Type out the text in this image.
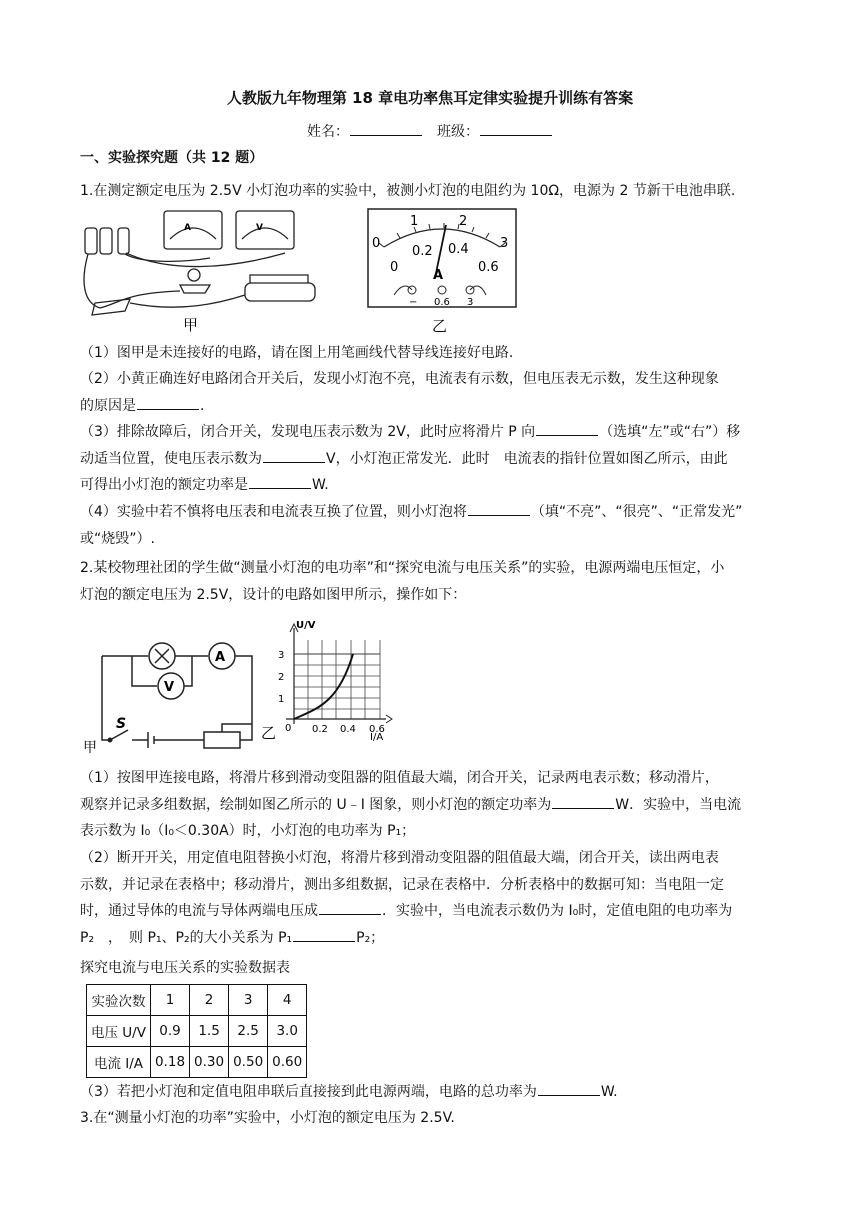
人教版九年物理第 18 章电功率焦耳定律实验提升训练有答案
姓名：　	班级：
一、实验探究题（共 12 题）
1.在测定额定电压为 2.5V 小灯泡功率的实验中，被测小灯泡的电阻约为 10Ω，电源为 2 节新干电池串联.
A	V
甲
0
1	2
3
0
0.2 0.4
0.6
A
− 0.6 3
乙
（1）图甲是未连接好的电路，请在图上用笔画线代替导线连接好电路.
（2）小黄正确连好电路闭合开关后，发现小灯泡不亮，电流表有示数，但电压表无示数，发生这种现象
的原因是	.
（3）排除故障后，闭合开关，发现电压表示数为 2V，此时应将滑片 P 向	（选填“左”或“右”）移
动适当位置，使电压表示数为	V，小灯泡正常发光．此时　电流表的指针位置如图乙所示，由此
可得出小灯泡的额定功率是	W.
（4）实验中若不慎将电压表和电流表互换了位置，则小灯泡将	（填“不亮”、“很亮”、“正常发光”
或“烧毁”）.
2.某校物理社团的学生做“测量小灯泡的电功率”和“探究电流与电压关系”的实验，电源两端电压恒定，小
灯泡的额定电压为 2.5V，设计的电路如图甲所示，操作如下：
A
V
S
甲
U/V
I/A
3
2
1
0 0.2 0.4 0.6
乙
（1）按图甲连接电路，将滑片移到滑动变阻器的阻值最大端，闭合开关，记录两电表示数；移动滑片，
观察并记录多组数据，绘制如图乙所示的 U﹣I 图象，则小灯泡的额定功率为	W．实验中，当电流
表示数为 I₀（I₀＜0.30A）时，小灯泡的电功率为 P₁；
（2）断开开关，用定值电阻替换小灯泡，将滑片移到滑动变阻器的阻值最大端，闭合开关，读出两电表
示数，并记录在表格中；移动滑片，测出多组数据，记录在表格中．分析表格中的数据可知：当电阻一定
时，通过导体的电流与导体两端电压成	．实验中，当电流表示数仍为 I₀时，定值电阻的电功率为
P₂　，　则 P₁、P₂的大小关系为 P₁	P₂；
探究电流与电压关系的实验数据表
实验次数	1	2	3	4
电压 U/V	0.9	1.5	2.5	3.0
电流 I/A	0.18	0.30	0.50	0.60
（3）若把小灯泡和定值电阻串联后直接接到此电源两端，电路的总功率为	W.
3.在“测量小灯泡的功率”实验中，小灯泡的额定电压为 2.5V.
